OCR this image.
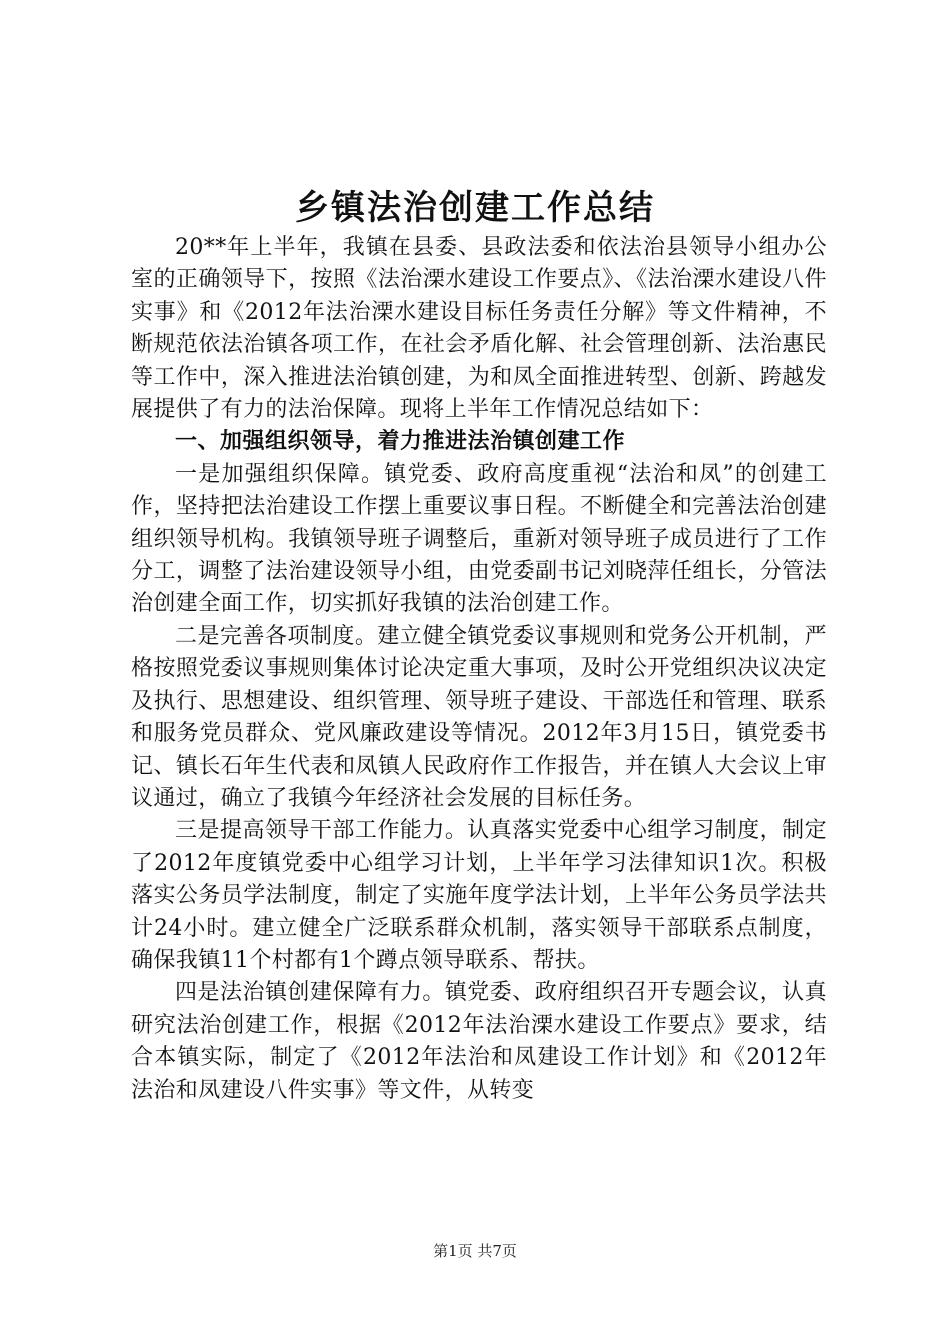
乡镇法治创建工作总结

20**年上半年，我镇在县委、县政法委和依法治县领导小组办公室的正确领导下，按照《法治溧水建设工作要点》、《法治溧水建设八件实事》和《2012年法治溧水建设目标任务责任分解》等文件精神，不断规范依法治镇各项工作，在社会矛盾化解、社会管理创新、法治惠民等工作中，深入推进法治镇创建，为和凤全面推进转型、创新、跨越发展提供了有力的法治保障。现将上半年工作情况总结如下：

一、加强组织领导，着力推进法治镇创建工作

一是加强组织保障。镇党委、政府高度重视“法治和凤”的创建工作，坚持把法治建设工作摆上重要议事日程。不断健全和完善法治创建组织领导机构。我镇领导班子调整后，重新对领导班子成员进行了工作分工，调整了法治建设领导小组，由党委副书记刘晓萍任组长，分管法治创建全面工作，切实抓好我镇的法治创建工作。

二是完善各项制度。建立健全镇党委议事规则和党务公开机制，严格按照党委议事规则集体讨论决定重大事项，及时公开党组织决议决定及执行、思想建设、组织管理、领导班子建设、干部选任和管理、联系和服务党员群众、党风廉政建设等情况。2012年3月15日，镇党委书记、镇长石年生代表和凤镇人民政府作工作报告，并在镇人大会议上审议通过，确立了我镇今年经济社会发展的目标任务。

三是提高领导干部工作能力。认真落实党委中心组学习制度，制定了2012年度镇党委中心组学习计划，上半年学习法律知识1次。积极落实公务员学法制度，制定了实施年度学法计划，上半年公务员学法共计24小时。建立健全广泛联系群众机制，落实领导干部联系点制度，确保我镇11个村都有1个蹲点领导联系、帮扶。

四是法治镇创建保障有力。镇党委、政府组织召开专题会议，认真研究法治创建工作，根据《2012年法治溧水建设工作要点》要求，结合本镇实际，制定了《2012年法治和凤建设工作计划》和《2012年法治和凤建设八件实事》等文件，从转变

第1页 共7页
